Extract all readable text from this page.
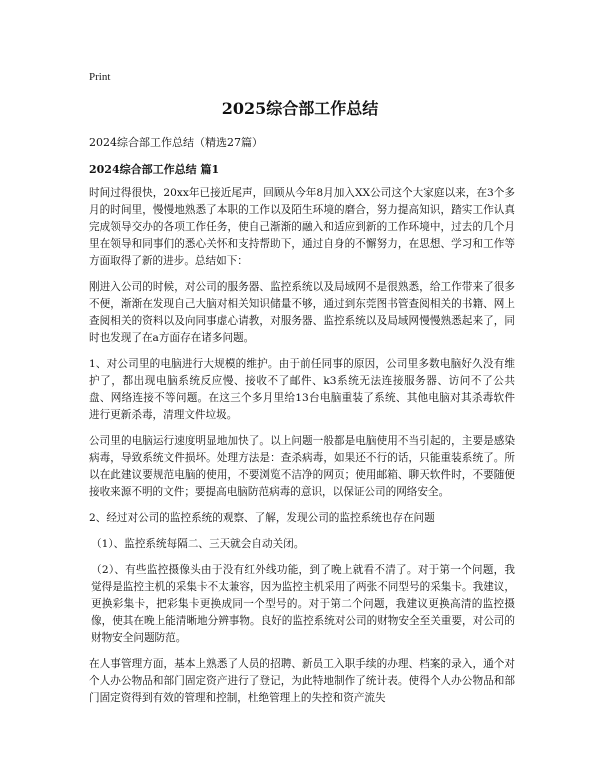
Print
2025综合部工作总结

2024综合部工作总结（精选27篇）

2024综合部工作总结 篇1

时间过得很快，20xx年已接近尾声，回顾从今年8月加入XX公司这个大家庭以来，在3个多月的时间里，慢慢地熟悉了本职的工作以及陌生环境的磨合，努力提高知识，踏实工作认真完成领导交办的各项工作任务，使自己渐渐的融入和适应到新的工作环境中，过去的几个月里在领导和同事们的悉心关怀和支持帮助下，通过自身的不懈努力，在思想、学习和工作等方面取得了新的进步。总结如下：

刚进入公司的时候，对公司的服务器、监控系统以及局域网不是很熟悉，给工作带来了很多不便，渐渐在发现自己大脑对相关知识储量不够，通过到东莞图书管查阅相关的书籍、网上查阅相关的资料以及向同事虚心请教，对服务器、监控系统以及局域网慢慢熟悉起来了，同时也发现了在a方面存在诸多问题。

1、对公司里的电脑进行大规模的维护。由于前任同事的原因，公司里多数电脑好久没有维护了，都出现电脑系统反应慢、接收不了邮件、k3系统无法连接服务器、访问不了公共盘、网络连接不等问题。在这三个多月里给13台电脑重装了系统、其他电脑对其杀毒软件进行更新杀毒，清理文件垃圾。

公司里的电脑运行速度明显地加快了。以上问题一般都是电脑使用不当引起的，主要是感染病毒，导致系统文件损坏。处理方法是：查杀病毒，如果还不行的话，只能重装系统了。所以在此建议要规范电脑的使用，不要浏览不洁净的网页；使用邮箱、聊天软件时，不要随便接收来源不明的文件；要提高电脑防范病毒的意识，以保证公司的网络安全。

2、经过对公司的监控系统的观察、了解，发现公司的监控系统也存在问题

（1）、监控系统每隔二、三天就会自动关闭。

（2）、有些监控摄像头由于没有红外线功能，到了晚上就看不清了。对于第一个问题，我觉得是监控主机的采集卡不太兼容，因为监控主机采用了两张不同型号的采集卡。我建议，更换彩集卡，把彩集卡更换成同一个型号的。对于第二个问题，我建议更换高清的监控摄像，使其在晚上能清晰地分辨事物。良好的监控系统对公司的财物安全至关重要，对公司的财物安全问题防范。

在人事管理方面，基本上熟悉了人员的招聘、新员工入职手续的办理、档案的录入，通个对个人办公物品和部门固定资产进行了登记，为此特地制作了统计表。使得个人办公物品和部门固定资得到有效的管理和控制，杜绝管理上的失控和资产流失
